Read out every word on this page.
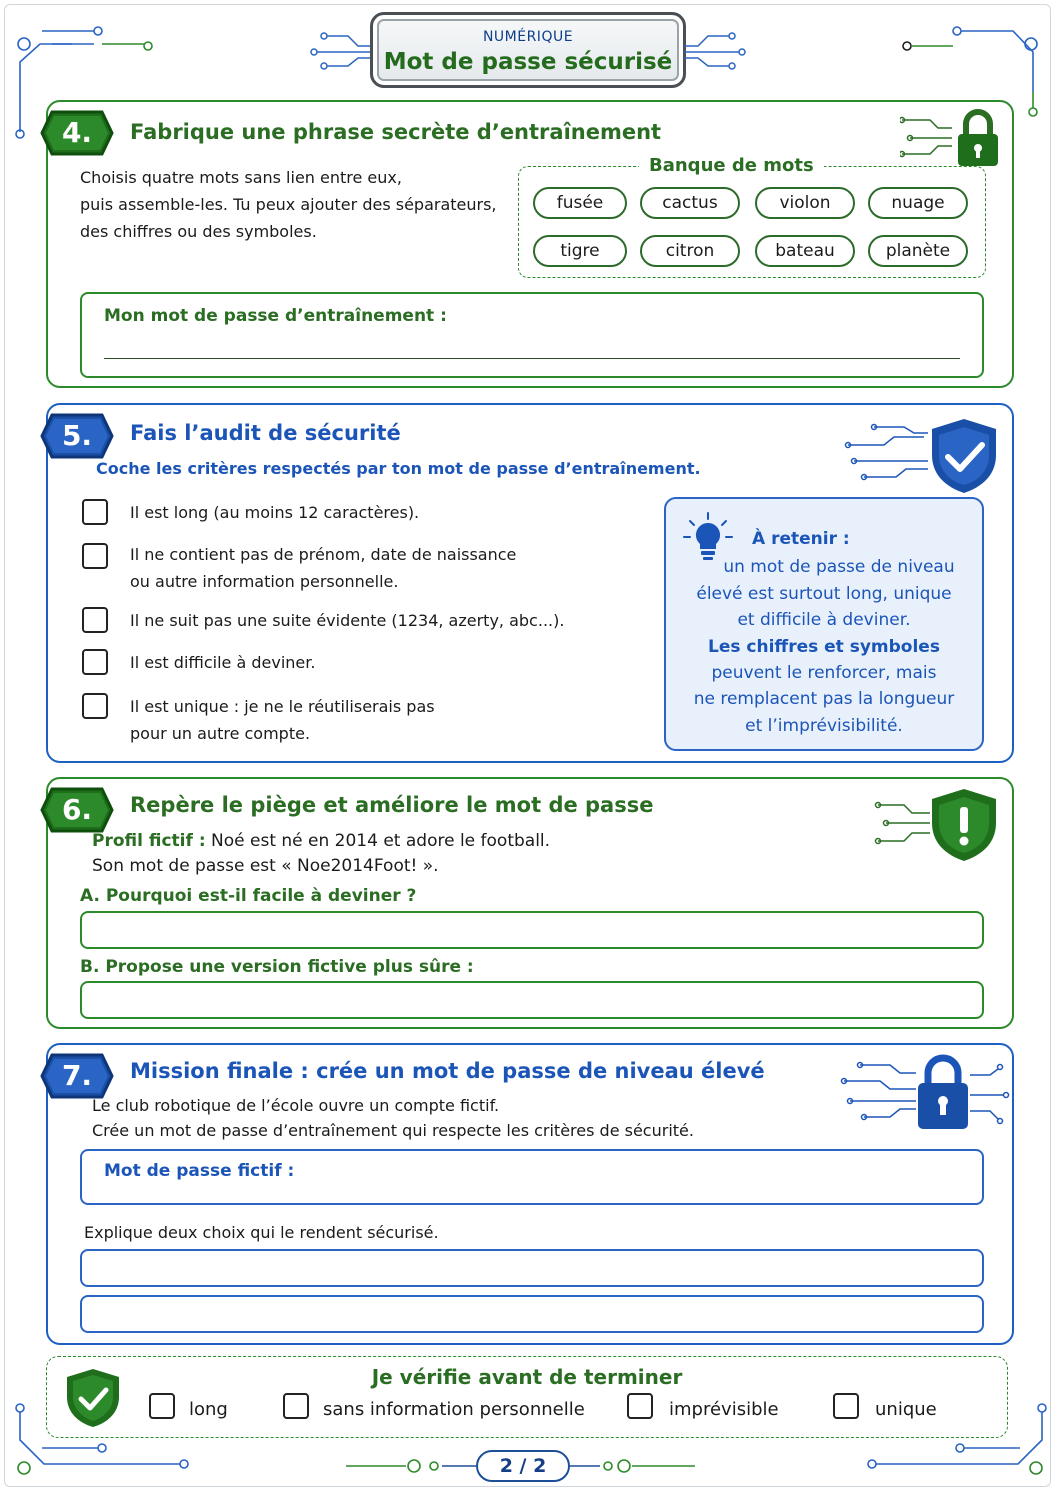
NUMÉRIQUE
Mot de passe sécurisé
4.	Fabrique une phrase secrète d’entraînement
Choisis quatre mots sans lien entre eux,
puis assemble-les. Tu peux ajouter des séparateurs,
des chiffres ou des symboles.
Banque de mots
fusée	cactus	violon	nuage
tigre	citron	bateau	planète
Mon mot de passe d’entraînement :
5.	Fais l’audit de sécurité
Coche les critères respectés par ton mot de passe d’entraînement.
Il est long (au moins 12 caractères).
Il ne contient pas de prénom, date de naissance
ou autre information personnelle.
Il ne suit pas une suite évidente (1234, azerty, abc...).
Il est difficile à deviner.
Il est unique : je ne le réutiliserais pas
pour un autre compte.
À retenir :
un mot de passe de niveau
élevé est surtout long, unique
et difficile à deviner.
Les chiffres et symboles
peuvent le renforcer, mais
ne remplacent pas la longueur
et l’imprévisibilité.
6.	Repère le piège et améliore le mot de passe
Profil fictif : Noé est né en 2014 et adore le football.
Son mot de passe est « Noe2014Foot! ».
A. Pourquoi est-il facile à deviner ?
B. Propose une version fictive plus sûre :
7.	Mission finale : crée un mot de passe de niveau élevé
Le club robotique de l’école ouvre un compte fictif.
Crée un mot de passe d’entraînement qui respecte les critères de sécurité.
Mot de passe fictif :
Explique deux choix qui le rendent sécurisé.
Je vérifie avant de terminer
long	sans information personnelle	imprévisible	unique
2 / 2
